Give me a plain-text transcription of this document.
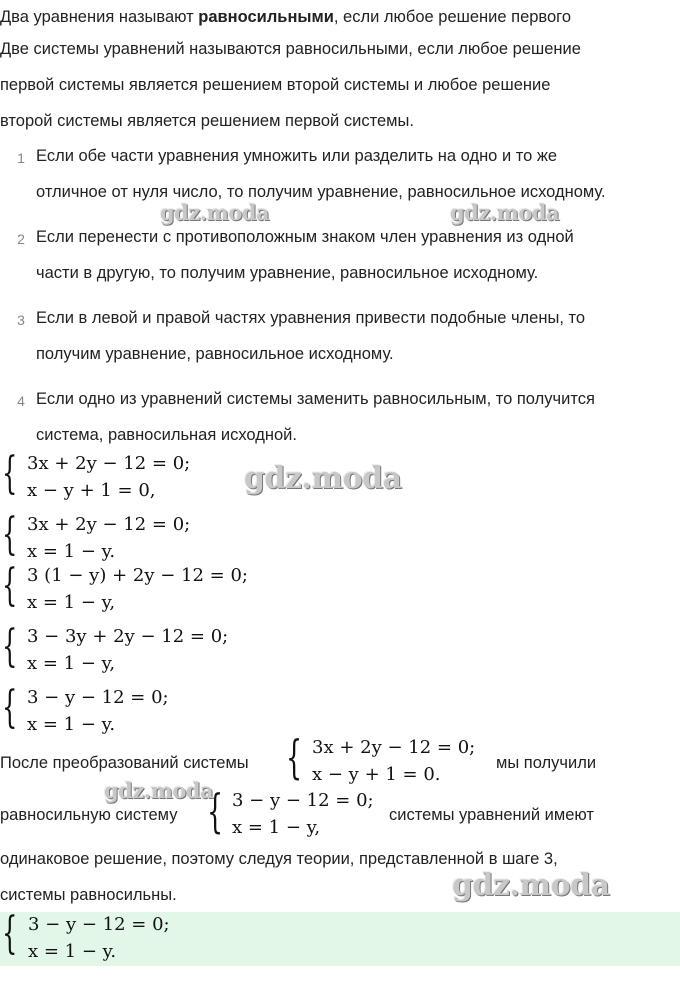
Два уравнения называют равносильными, если любое решение первого
Две системы уравнений называются равносильными, если любое решение
первой системы является решением второй системы и любое решение
второй системы является решением первой системы.
1 Если обе части уравнения умножить или разделить на одно и то же
отличное от нуля число, то получим уравнение, равносильное исходному.
2 Если перенести с противоположным знаком член уравнения из одной
части в другую, то получим уравнение, равносильное исходному.
3 Если в левой и правой частях уравнения привести подобные члены, то
получим уравнение, равносильное исходному.
4 Если одно из уравнений системы заменить равносильным, то получится
система, равносильная исходной.
{ 3x + 2y − 12 = 0;
x − y + 1 = 0,
{ 3x + 2y − 12 = 0;
x = 1 − y.
{ 3 (1 − y) + 2y − 12 = 0;
x = 1 − y,
{ 3 − 3y + 2y − 12 = 0;
x = 1 − y,
{ 3 − y − 12 = 0;
x = 1 − y.
После преобразований системы { 3x + 2y − 12 = 0;
x − y + 1 = 0.
мы получили
равносильную систему { 3 − y − 12 = 0;
x = 1 − y,
системы уравнений имеют
одинаковое решение, поэтому следуя теории, представленной в шаге 3,
системы равносильны.
{ 3 − y − 12 = 0;
x = 1 − y.
gdz.moda	gdz.moda
gdz.moda
gdz.moda
gdz.moda
